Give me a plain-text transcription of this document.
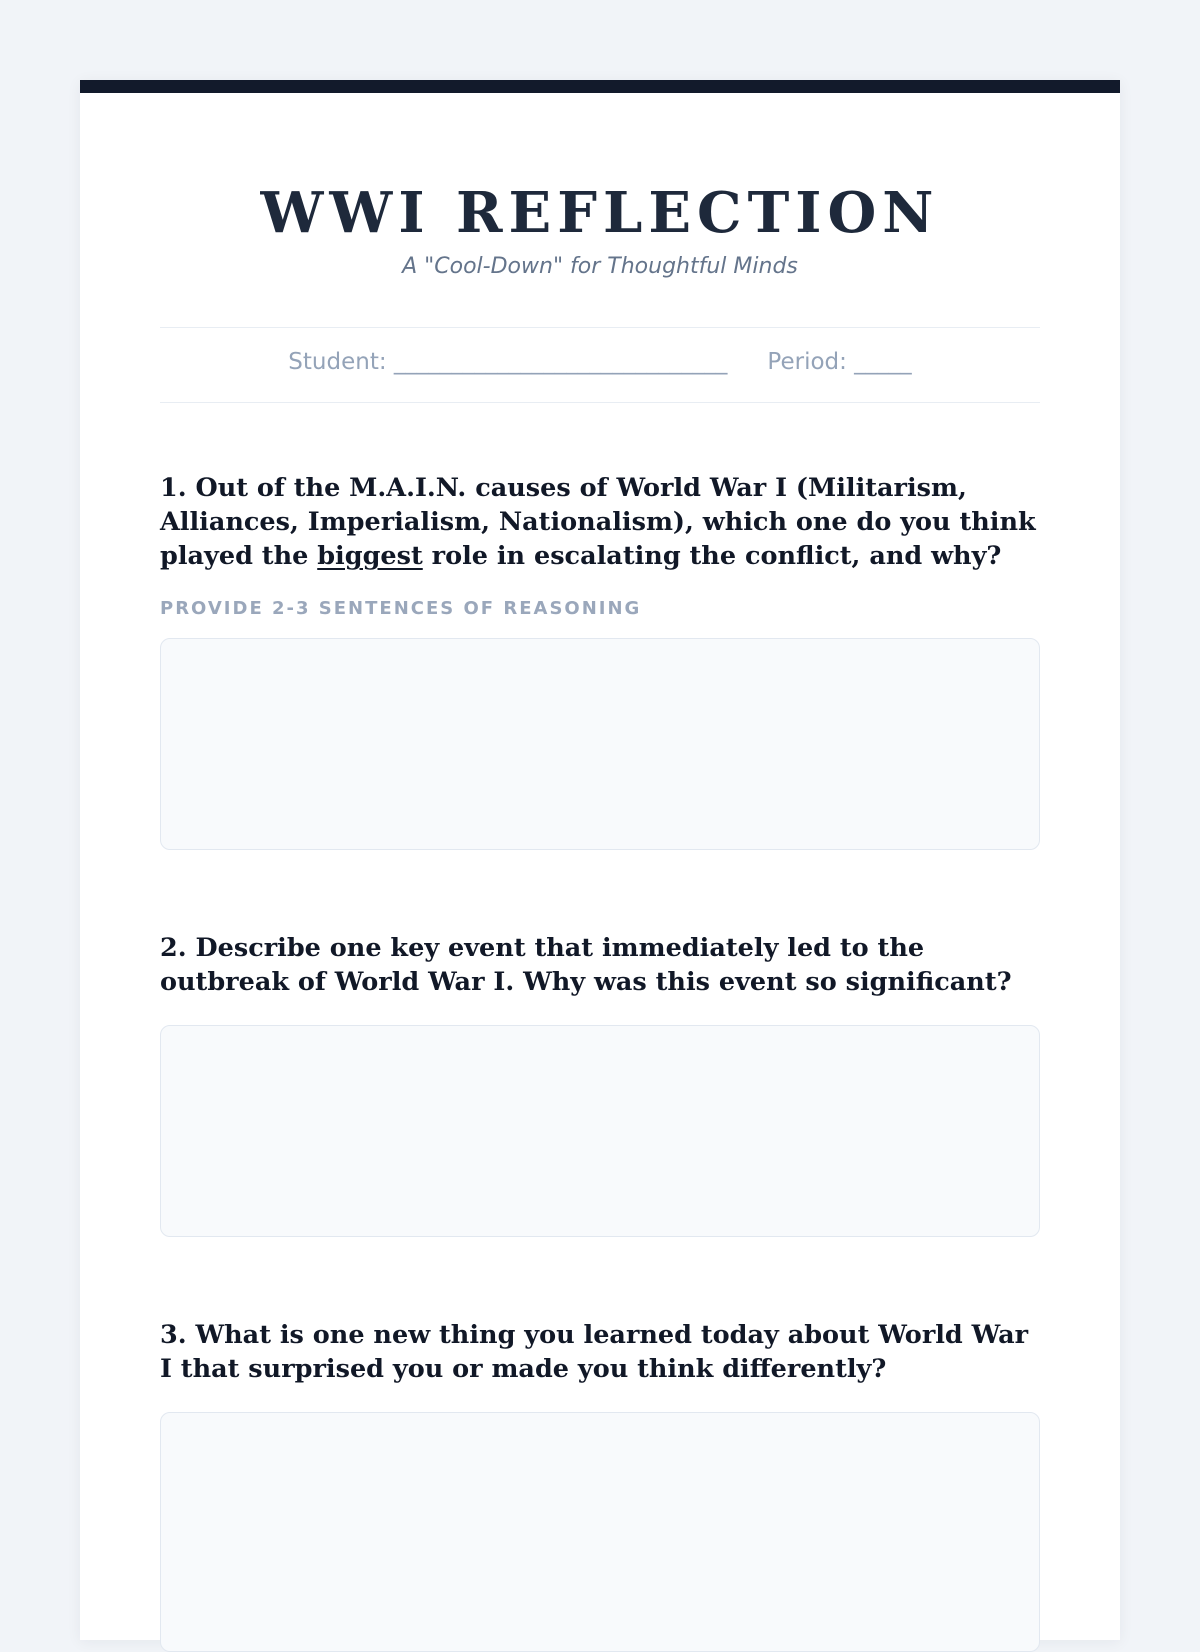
WWI REFLECTION

A "Cool-Down" for Thoughtful Minds

Student: _____________________________ Period: _____

1. Out of the M.A.I.N. causes of World War I (Militarism, Alliances, Imperialism, Nationalism), which one do you think played the biggest role in escalating the conflict, and why?

PROVIDE 2-3 SENTENCES OF REASONING

2. Describe one key event that immediately led to the outbreak of World War I. Why was this event so significant?

3. What is one new thing you learned today about World War I that surprised you or made you think differently?
